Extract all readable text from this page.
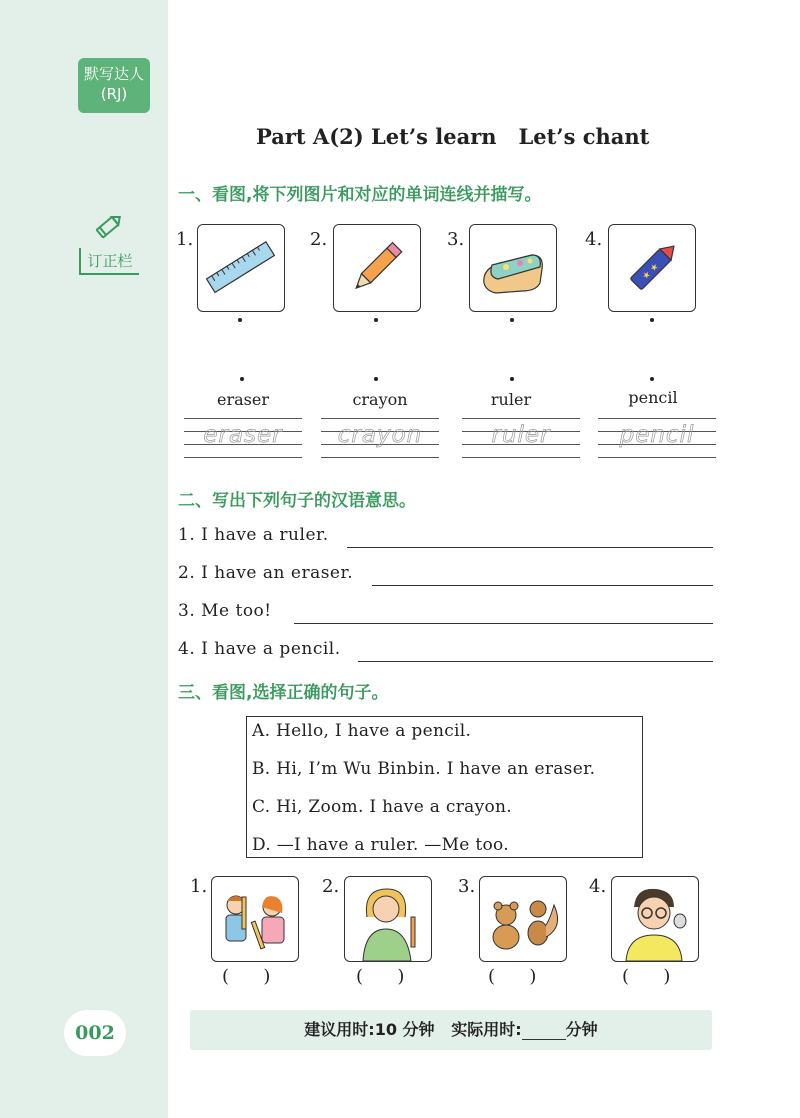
默写达人
(RJ)
订正栏
002
Part A(2) Let’s learn   Let’s chant
一、看图,将下列图片和对应的单词连线并描写。
1.	2.	3.	4.
★ ★
eraser	crayon	ruler	pencil
eraser	crayon	ruler	pencil
二、写出下列句子的汉语意思。
1. I have a ruler.
2. I have an eraser.
3. Me too!
4. I have a pencil.
三、看图,选择正确的句子。
A. Hello, I have a pencil.
B. Hi, I’m Wu Binbin. I have an eraser.
C. Hi, Zoom. I have a crayon.
D. —I have a ruler. —Me too.
1.	2.	3.	4.
(      )	(      )	(      )	(      )
建议用时:10 分钟 实际用时:	分钟
